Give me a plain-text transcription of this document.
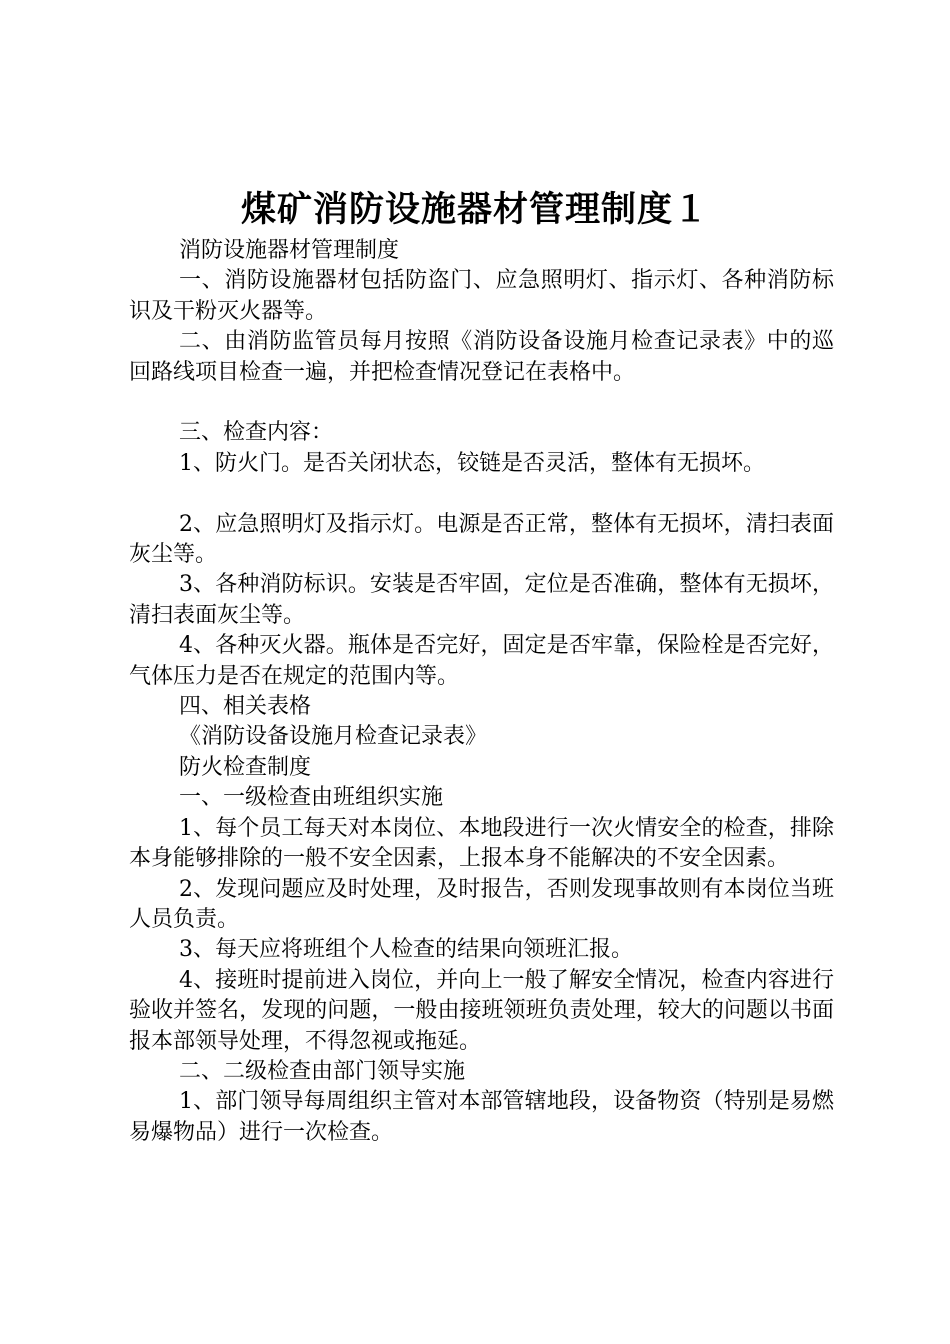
煤矿消防设施器材管理制度１

消防设施器材管理制度

一、消防设施器材包括防盗门、应急照明灯、指示灯、各种消防标识及干粉灭火器等。

二、由消防监管员每月按照《消防设备设施月检查记录表》中的巡回路线项目检查一遍，并把检查情况登记在表格中。

三、检查内容：

1、防火门。是否关闭状态，铰链是否灵活，整体有无损坏。

2、应急照明灯及指示灯。电源是否正常，整体有无损坏，清扫表面灰尘等。

3、各种消防标识。安装是否牢固，定位是否准确，整体有无损坏，清扫表面灰尘等。

4、各种灭火器。瓶体是否完好，固定是否牢靠，保险栓是否完好，气体压力是否在规定的范围内等。

四、相关表格

《消防设备设施月检查记录表》

防火检查制度

一、一级检查由班组织实施

1、每个员工每天对本岗位、本地段进行一次火情安全的检查，排除本身能够排除的一般不安全因素，上报本身不能解决的不安全因素。

2、发现问题应及时处理，及时报告，否则发现事故则有本岗位当班人员负责。

3、每天应将班组个人检查的结果向领班汇报。

4、接班时提前进入岗位，并向上一般了解安全情况，检查内容进行验收并签名，发现的问题，一般由接班领班负责处理，较大的问题以书面报本部领导处理，不得忽视或拖延。

二、二级检查由部门领导实施

1、部门领导每周组织主管对本部管辖地段，设备物资（特别是易燃易爆物品）进行一次检查。
